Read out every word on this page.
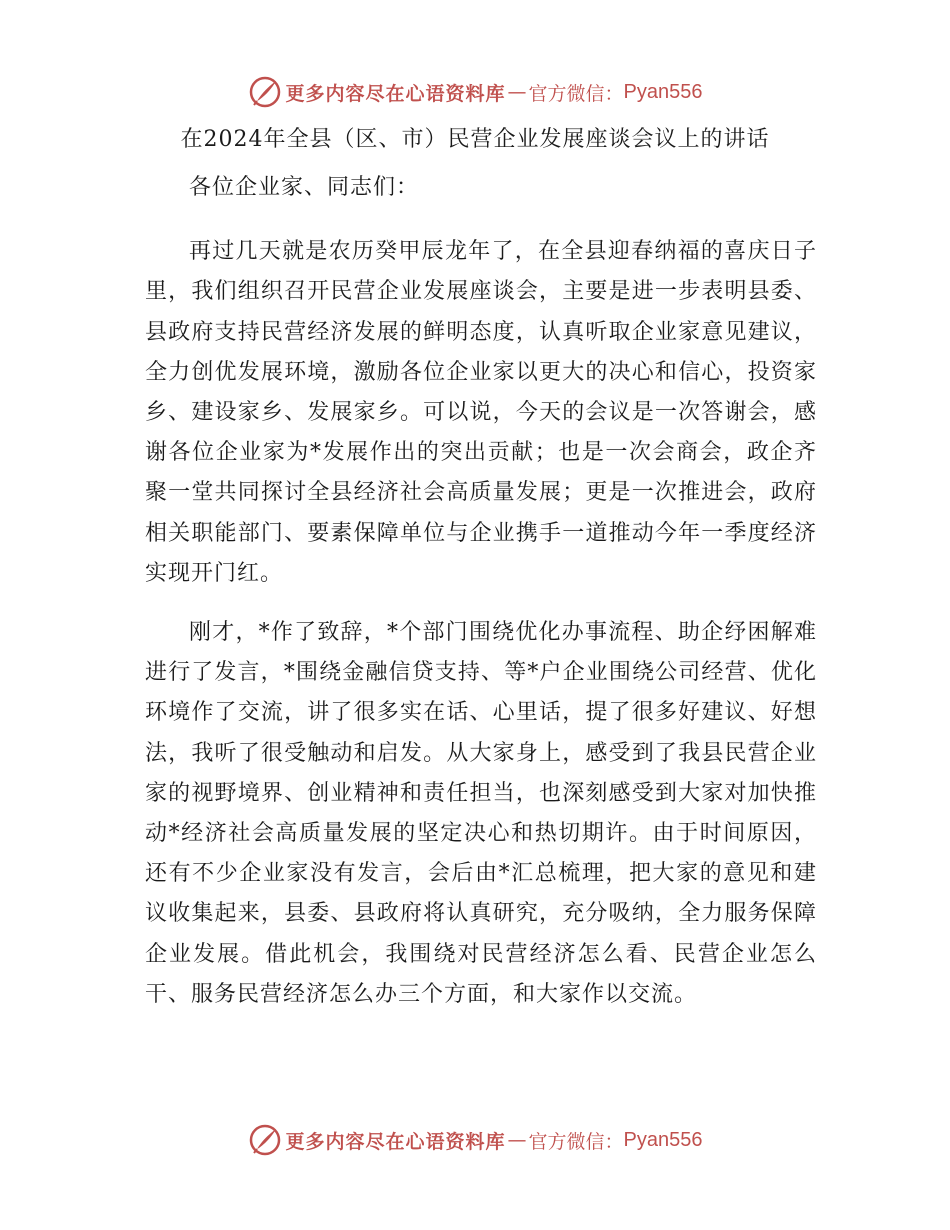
更多内容尽在心语资料库 — 官方微信： Pyan556
在2024年全县（区、市）民营企业发展座谈会议上的讲话

各位企业家、同志们：

再过几天就是农历癸甲辰龙年了，在全县迎春纳福的喜庆日子里，我们组织召开民营企业发展座谈会，主要是进一步表明县委、县政府支持民营经济发展的鲜明态度，认真听取企业家意见建议，全力创优发展环境，激励各位企业家以更大的决心和信心，投资家乡、建设家乡、发展家乡。可以说，今天的会议是一次答谢会，感谢各位企业家为*发展作出的突出贡献；也是一次会商会，政企齐聚一堂共同探讨全县经济社会高质量发展；更是一次推进会，政府相关职能部门、要素保障单位与企业携手一道推动今年一季度经济实现开门红。

刚才，*作了致辞，*个部门围绕优化办事流程、助企纾困解难进行了发言，*围绕金融信贷支持、等*户企业围绕公司经营、优化环境作了交流，讲了很多实在话、心里话，提了很多好建议、好想法，我听了很受触动和启发。从大家身上，感受到了我县民营企业家的视野境界、创业精神和责任担当，也深刻感受到大家对加快推动*经济社会高质量发展的坚定决心和热切期许。由于时间原因，还有不少企业家没有发言，会后由*汇总梳理，把大家的意见和建议收集起来，县委、县政府将认真研究，充分吸纳，全力服务保障企业发展。借此机会，我围绕对民营经济怎么看、民营企业怎么干、服务民营经济怎么办三个方面，和大家作以交流。

更多内容尽在心语资料库 — 官方微信： Pyan556
